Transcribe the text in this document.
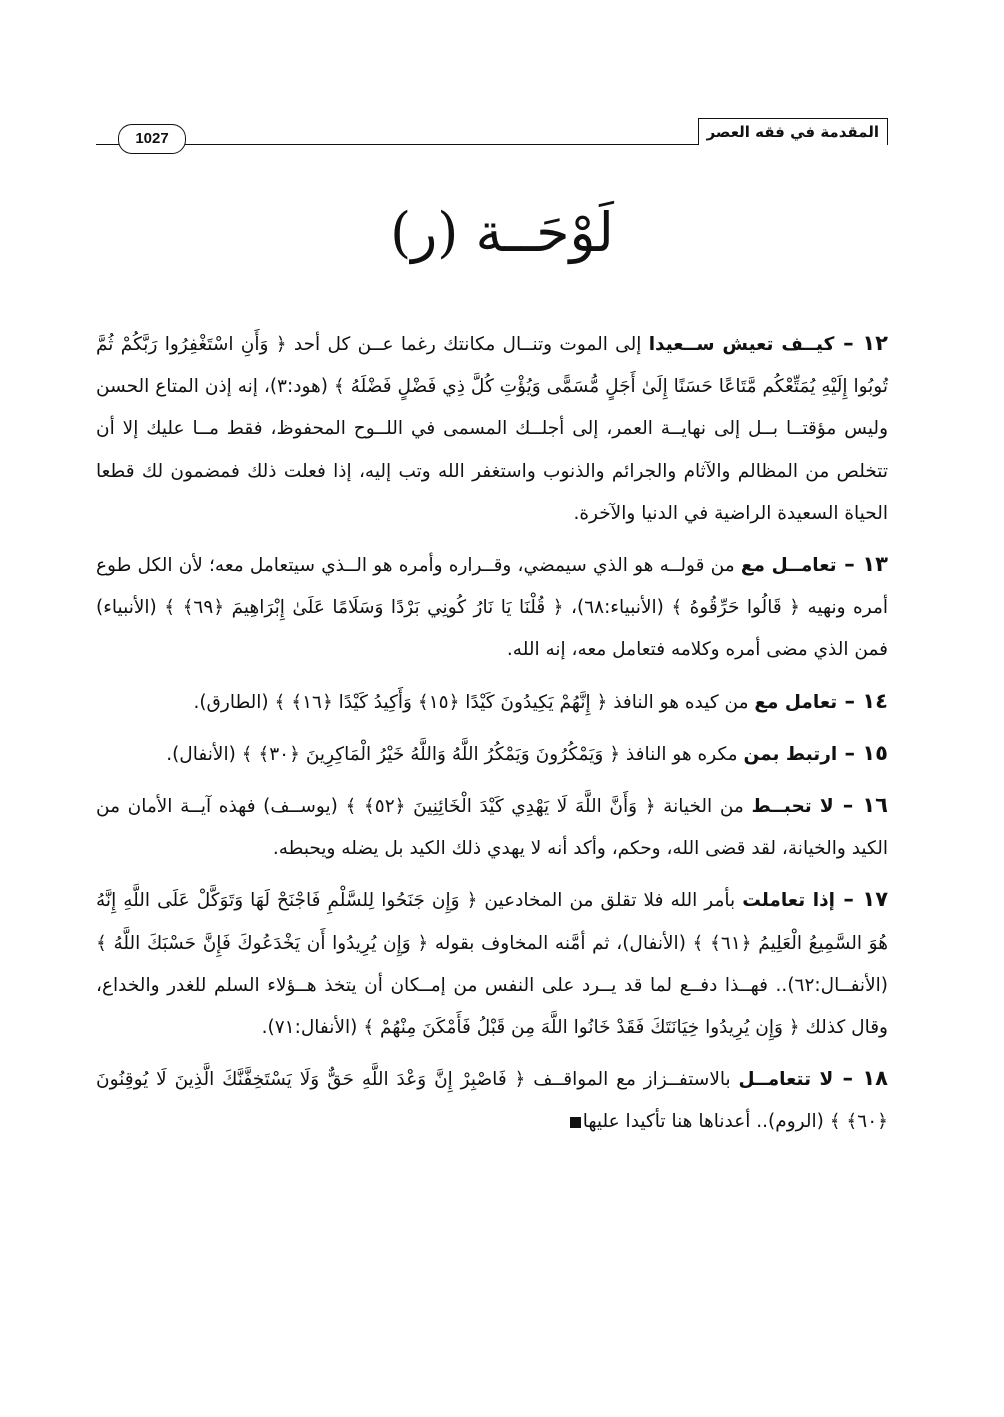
المقدمة في فقه العصر
1027
لَوْحَــة (ر)

١٢ – كيــف تعيش ســعيدا إلى الموت وتنــال مكانتك رغما عــن كل أحد ﴿ وَأَنِ اسْتَغْفِرُوا رَبَّكُمْ ثُمَّ تُوبُوا إِلَيْهِ يُمَتِّعْكُم مَّتَاعًا حَسَنًا إِلَىٰ أَجَلٍ مُّسَمًّى وَيُؤْتِ كُلَّ ذِي فَضْلٍ فَضْلَهُ ﴾ (هود:٣)، إنه إذن المتاع الحسن وليس مؤقتــا بــل إلى نهايــة العمر، إلى أجلــك المسمى في اللــوح المحفوظ، فقط مــا عليك إلا أن تتخلص من المظالم والآثام والجرائم والذنوب واستغفر الله وتب إليه، إذا فعلت ذلك فمضمون لك قطعا الحياة السعيدة الراضية في الدنيا والآخرة.

١٣ – تعامــل مع من قولــه هو الذي سيمضي، وقــراره وأمره هو الــذي سيتعامل معه؛ لأن الكل طوع أمره ونهيه ﴿ قَالُوا حَرِّقُوهُ ﴾ (الأنبياء:٦٨)، ﴿ قُلْنَا يَا نَارُ كُونِي بَرْدًا وَسَلَامًا عَلَىٰ إِبْرَاهِيمَ ﴿٦٩﴾ ﴾ (الأنبياء) فمن الذي مضى أمره وكلامه فتعامل معه، إنه الله.

١٤ – تعامل مع من كيده هو النافذ ﴿ إِنَّهُمْ يَكِيدُونَ كَيْدًا ﴿١٥﴾ وَأَكِيدُ كَيْدًا ﴿١٦﴾ ﴾ (الطارق).

١٥ – ارتبط بمن مكره هو النافذ ﴿ وَيَمْكُرُونَ وَيَمْكُرُ اللَّهُ وَاللَّهُ خَيْرُ الْمَاكِرِينَ ﴿٣٠﴾ ﴾ (الأنفال).

١٦ – لا تحبــط من الخيانة ﴿ وَأَنَّ اللَّهَ لَا يَهْدِي كَيْدَ الْخَائِنِينَ ﴿٥٢﴾ ﴾ (يوســف) فهذه آيــة الأمان من الكيد والخيانة، لقد قضى الله، وحكم، وأكد أنه لا يهدي ذلك الكيد بل يضله ويحبطه.

١٧ – إذا تعاملت بأمر الله فلا تقلق من المخادعين ﴿ وَإِن جَنَحُوا لِلسَّلْمِ فَاجْنَحْ لَهَا وَتَوَكَّلْ عَلَى اللَّهِ إِنَّهُ هُوَ السَّمِيعُ الْعَلِيمُ ﴿٦١﴾ ﴾ (الأنفال)، ثم أمَّنه المخاوف بقوله ﴿ وَإِن يُرِيدُوا أَن يَخْدَعُوكَ فَإِنَّ حَسْبَكَ اللَّهُ ﴾ (الأنفــال:٦٢).. فهــذا دفــع لما قد يــرد على النفس من إمــكان أن يتخذ هــؤلاء السلم للغدر والخداع، وقال كذلك ﴿ وَإِن يُرِيدُوا خِيَانَتَكَ فَقَدْ خَانُوا اللَّهَ مِن قَبْلُ فَأَمْكَنَ مِنْهُمْ ﴾ (الأنفال:٧١).

١٨ – لا تتعامــل بالاستفــزاز مع المواقــف ﴿ فَاصْبِرْ إِنَّ وَعْدَ اللَّهِ حَقٌّ وَلَا يَسْتَخِفَّنَّكَ الَّذِينَ لَا يُوقِنُونَ ﴿٦٠﴾ ﴾ (الروم).. أعدناها هنا تأكيدا عليها
